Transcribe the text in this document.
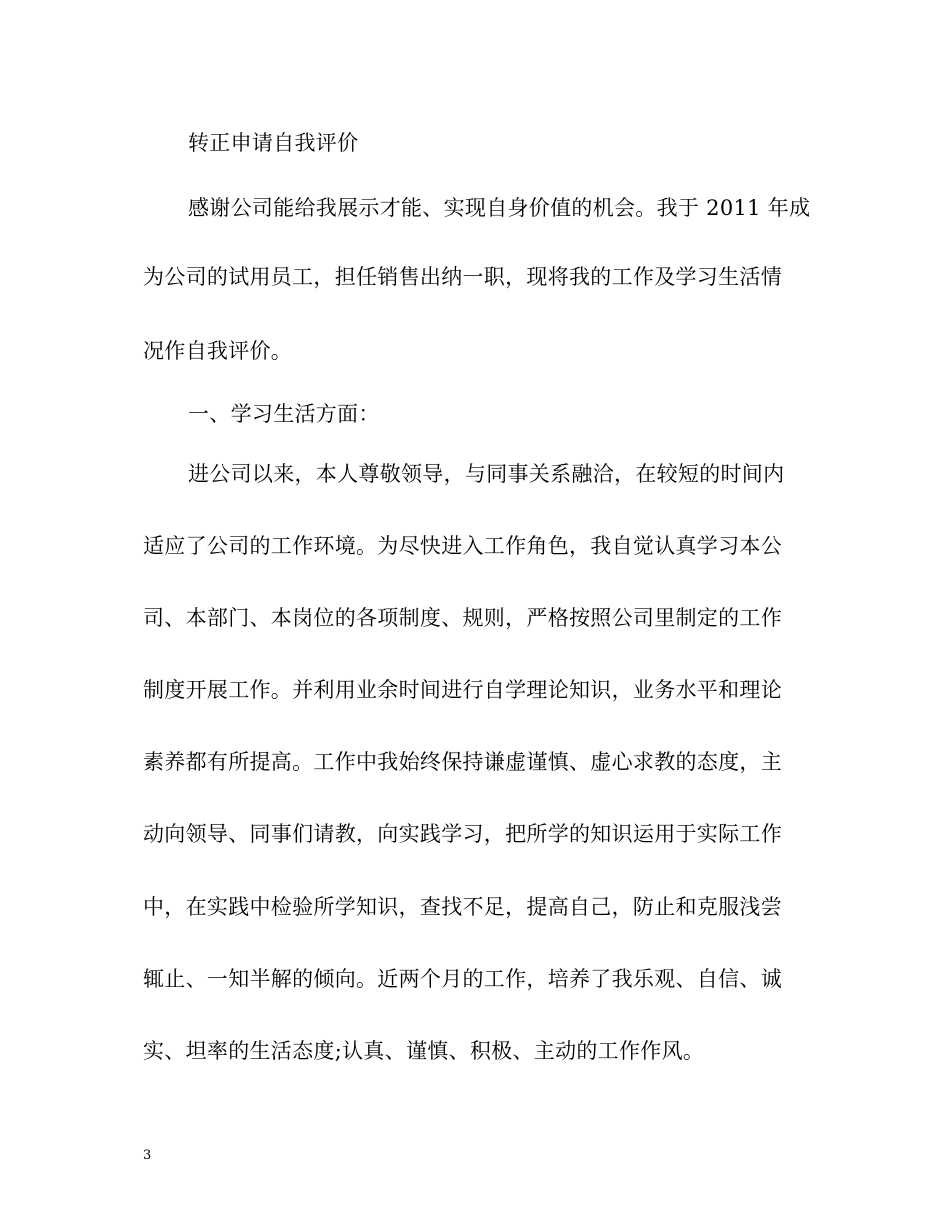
转正申请自我评价
感谢公司能给我展示才能、实现自身价值的机会。我于 2011 年成
为公司的试用员工，担任销售出纳一职，现将我的工作及学习生活情
况作自我评价。
一、学习生活方面：
进公司以来，本人尊敬领导，与同事关系融洽，在较短的时间内
适应了公司的工作环境。为尽快进入工作角色，我自觉认真学习本公
司、本部门、本岗位的各项制度、规则，严格按照公司里制定的工作
制度开展工作。并利用业余时间进行自学理论知识，业务水平和理论
素养都有所提高。工作中我始终保持谦虚谨慎、虚心求教的态度，主
动向领导、同事们请教，向实践学习，把所学的知识运用于实际工作
中，在实践中检验所学知识，查找不足，提高自己，防止和克服浅尝
辄止、一知半解的倾向。近两个月的工作，培养了我乐观、自信、诚
实、坦率的生活态度;认真、谨慎、积极、主动的工作作风。
3
